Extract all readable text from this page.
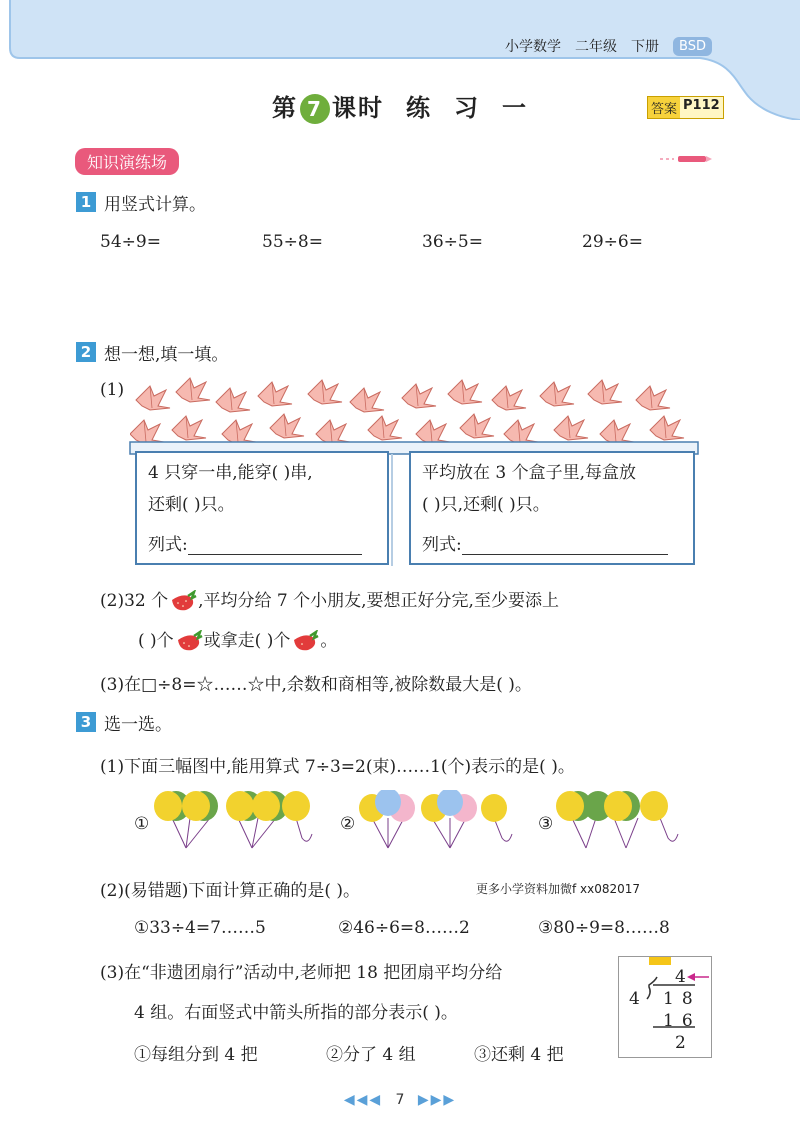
小学数学 二年级 下册	BSD
第 7 课时 练 习 一	答案 P112
知识演练场
1 用竖式计算。
54÷9=	55÷8=	36÷5=	29÷6=
2 想一想,填一填。
(1)
4 只穿一串,能穿( )串,
还剩( )只。
列式:
平均放在 3 个盒子里,每盒放
( )只,还剩( )只。
列式:
(2)32 个 ,平均分给 7 个小朋友,要想正好分完,至少要添上
( )个 或拿走( )个 。
(3)在□÷8=☆……☆中,余数和商相等,被除数最大是( )。
3 选一选。
(1)下面三幅图中,能用算式 7÷3=2(束)……1(个)表示的是( )。
①	②	③
(2)(易错题)下面计算正确的是( )。	更多小学资料加微f xx082017
①33÷4=7……5	②46÷6=8……2	③80÷9=8……8
(3)在“非遗团扇行”活动中,老师把 18 把团扇平均分给
4 组。右面竖式中箭头所指的部分表示( )。
①每组分到 4 把	②分了 4 组	③还剩 4 把
4
4 18
16
2
◀◀◀ 7 ▶▶▶
